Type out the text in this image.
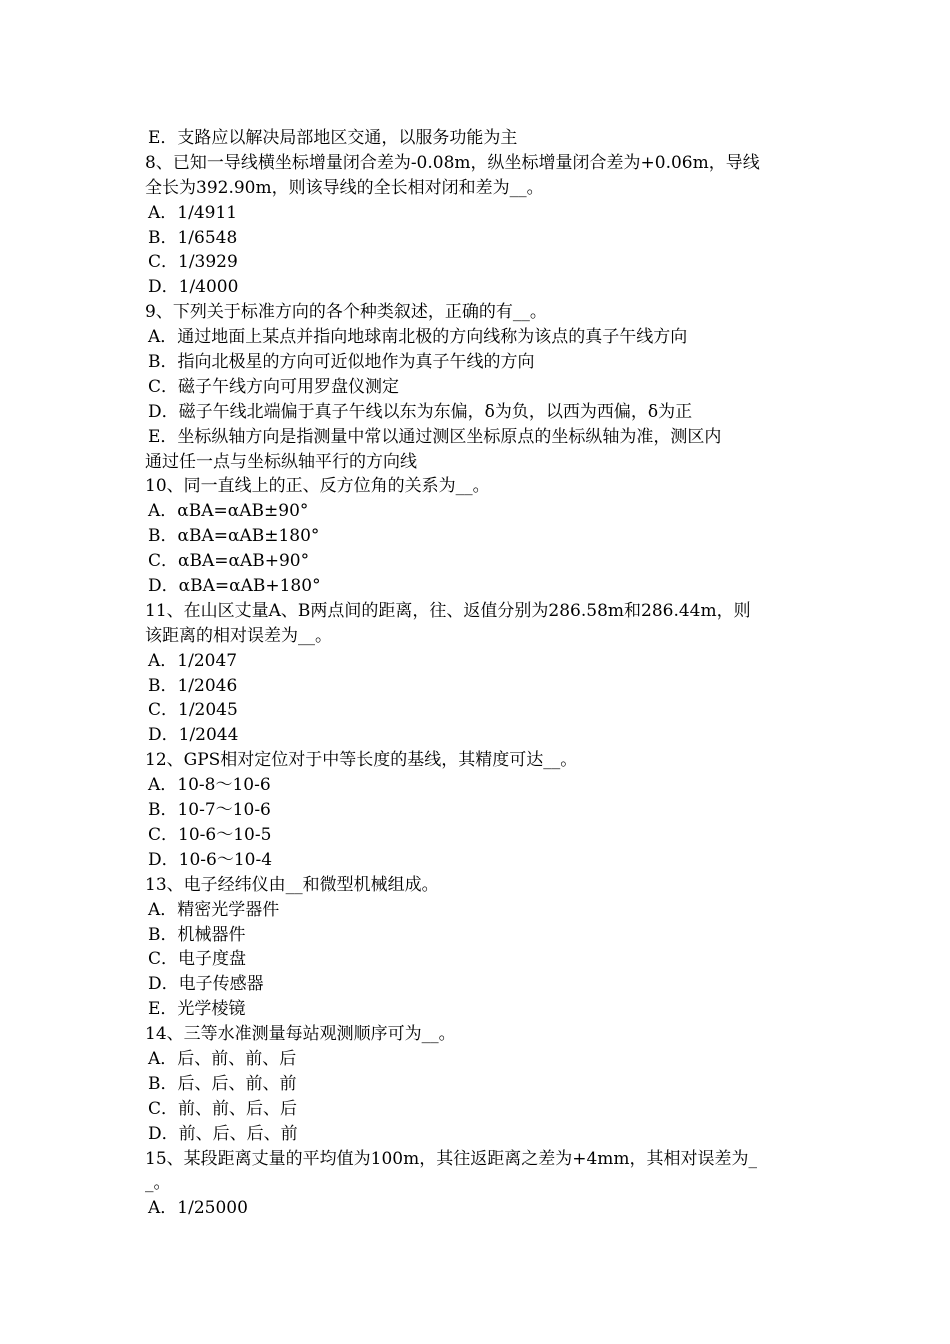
E．支路应以解决局部地区交通，以服务功能为主
8、已知一导线横坐标增量闭合差为-0.08m，纵坐标增量闭合差为+0.06m，导线
全长为392.90m，则该导线的全长相对闭和差为__。
A．1/4911
B．1/6548
C．1/3929
D．1/4000
9、下列关于标准方向的各个种类叙述，正确的有__。
A．通过地面上某点并指向地球南北极的方向线称为该点的真子午线方向
B．指向北极星的方向可近似地作为真子午线的方向
C．磁子午线方向可用罗盘仪测定
D．磁子午线北端偏于真子午线以东为东偏，δ为负，以西为西偏，δ为正
E．坐标纵轴方向是指测量中常以通过测区坐标原点的坐标纵轴为准，测区内
通过任一点与坐标纵轴平行的方向线
10、同一直线上的正、反方位角的关系为__。
A．αBA=αAB±90°
B．αBA=αAB±180°
C．αBA=αAB+90°
D．αBA=αAB+180°
11、在山区丈量A、B两点间的距离，往、返值分别为286.58m和286.44m，则
该距离的相对误差为__。
A．1/2047
B．1/2046
C．1/2045
D．1/2044
12、GPS相对定位对于中等长度的基线，其精度可达__。
A．10-8～10-6
B．10-7～10-6
C．10-6～10-5
D．10-6～10-4
13、电子经纬仪由__和微型机械组成。
A．精密光学器件
B．机械器件
C．电子度盘
D．电子传感器
E．光学棱镜
14、三等水准测量每站观测顺序可为__。
A．后、前、前、后
B．后、后、前、前
C．前、前、后、后
D．前、后、后、前
15、某段距离丈量的平均值为100m，其往返距离之差为+4mm，其相对误差为_
_。
A．1/25000
